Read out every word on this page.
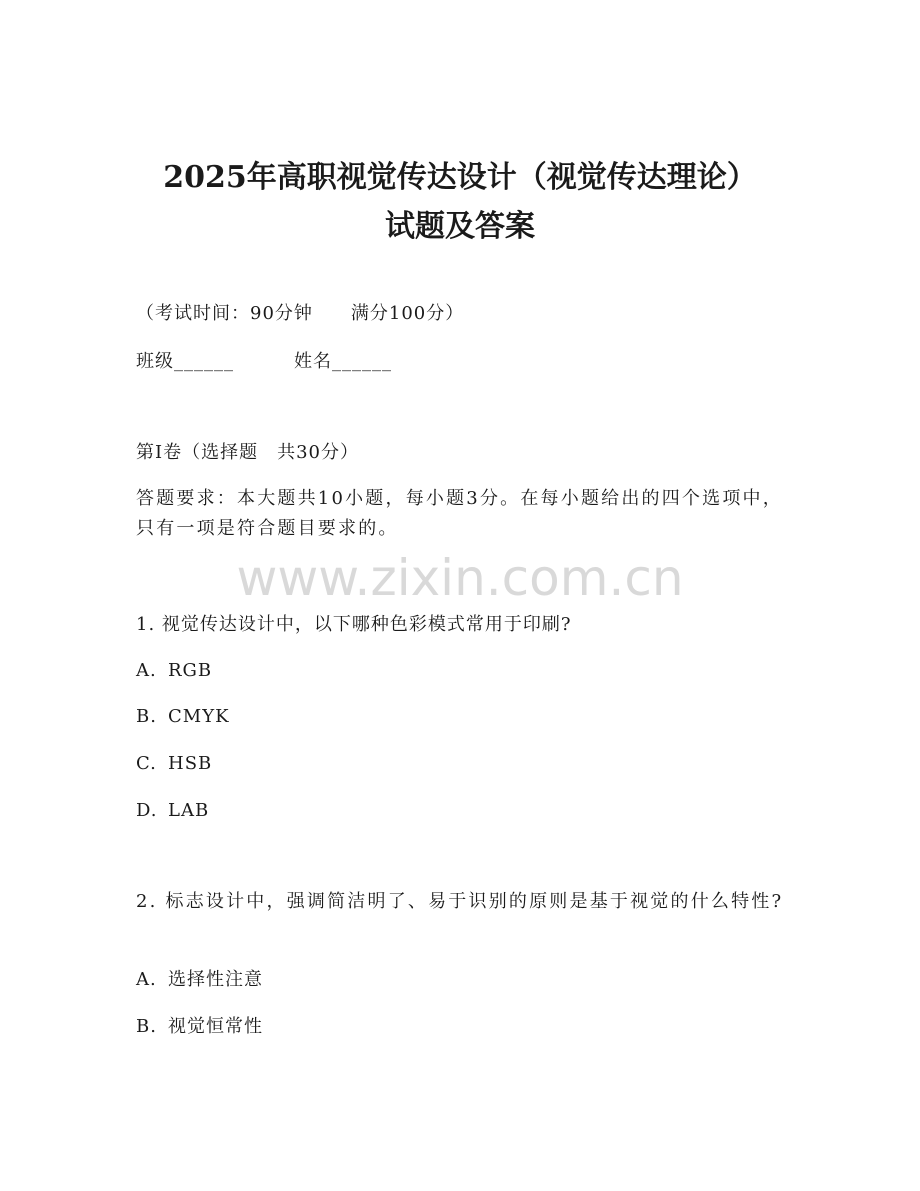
2025年高职视觉传达设计（视觉传达理论）
试题及答案
（考试时间：90分钟　　满分100分）
班级______	姓名______
第I卷（选择题　共30分）
答题要求：本大题共10小题，每小题3分。在每小题给出的四个选项中，只有一项是符合题目要求的。
www.zixin.com.cn
1. 视觉传达设计中，以下哪种色彩模式常用于印刷?
A. RGB
B. CMYK
C. HSB
D. LAB
2. 标志设计中，强调简洁明了、易于识别的原则是基于视觉的什么特性?
A. 选择性注意
B. 视觉恒常性
